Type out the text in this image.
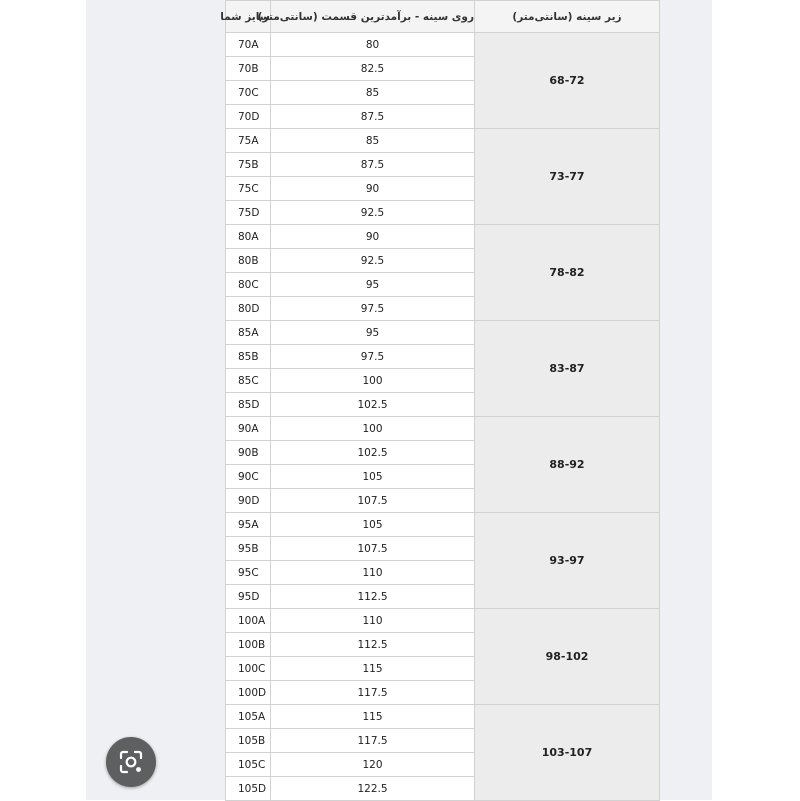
سایز شما	روی سینه - برآمدترین قسمت (سانتی‌متر)	زیر سینه (سانتی‌متر)
70A	80	68-72
70B	82.5	
70C	85	
70D	87.5	
75A	85	73-77
75B	87.5	
75C	90	
75D	92.5	
80A	90	78-82
80B	92.5	
80C	95	
80D	97.5	
85A	95	83-87
85B	97.5	
85C	100	
85D	102.5	
90A	100	88-92
90B	102.5	
90C	105	
90D	107.5	
95A	105	93-97
95B	107.5	
95C	110	
95D	112.5	
100A	110	98-102
100B	112.5	
100C	115	
100D	117.5	
105A	115	103-107
105B	117.5	
105C	120	
105D	122.5	
